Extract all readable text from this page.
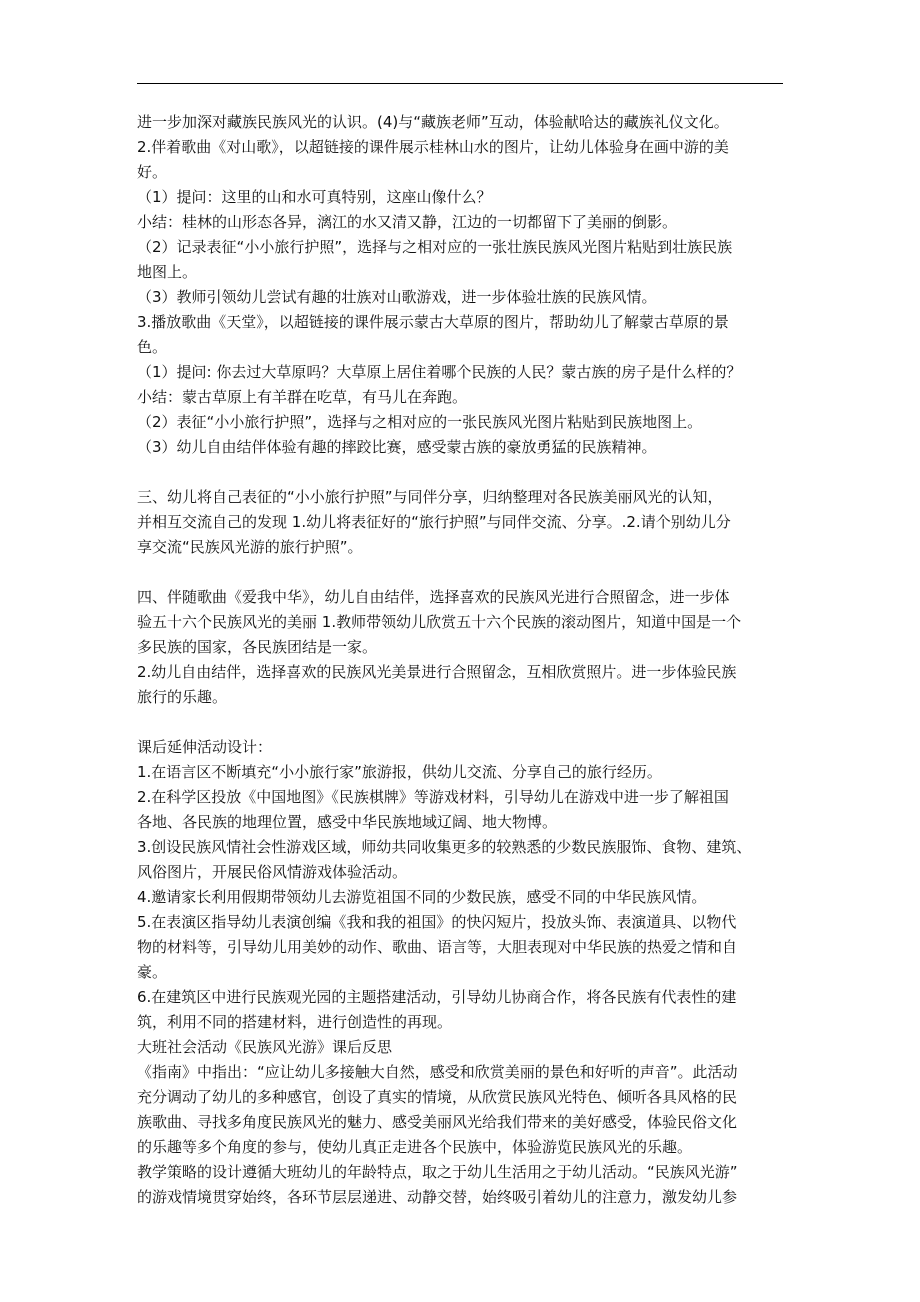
进一步加深对藏族民族风光的认识。(4)与“藏族老师”互动，体验献哈达的藏族礼仪文化。
2.伴着歌曲《对山歌》，以超链接的课件展示桂林山水的图片，让幼儿体验身在画中游的美
好。
（1）提问：这里的山和水可真特别，这座山像什么？
小结：桂林的山形态各异，漓江的水又清又静，江边的一切都留下了美丽的倒影。
（2）记录表征“小小旅行护照”，选择与之相对应的一张壮族民族风光图片粘贴到壮族民族
地图上。
（3）教师引领幼儿尝试有趣的壮族对山歌游戏，进一步体验壮族的民族风情。
3.播放歌曲《天堂》，以超链接的课件展示蒙古大草原的图片，帮助幼儿了解蒙古草原的景
色。
（1）提问: 你去过大草原吗？大草原上居住着哪个民族的人民？蒙古族的房子是什么样的？
小结：蒙古草原上有羊群在吃草，有马儿在奔跑。
（2）表征“小小旅行护照”，选择与之相对应的一张民族风光图片粘贴到民族地图上。
（3）幼儿自由结伴体验有趣的摔跤比赛，感受蒙古族的豪放勇猛的民族精神。
三、幼儿将自己表征的“小小旅行护照”与同伴分享，归纳整理对各民族美丽风光的认知，
并相互交流自己的发现 1.幼儿将表征好的“旅行护照”与同伴交流、分享。.2.请个别幼儿分
享交流“民族风光游的旅行护照”。
四、伴随歌曲《爱我中华》，幼儿自由结伴，选择喜欢的民族风光进行合照留念，进一步体
验五十六个民族风光的美丽 1.教师带领幼儿欣赏五十六个民族的滚动图片，知道中国是一个
多民族的国家，各民族团结是一家。
2.幼儿自由结伴，选择喜欢的民族风光美景进行合照留念，互相欣赏照片。进一步体验民族
旅行的乐趣。
课后延伸活动设计：
1.在语言区不断填充“小小旅行家”旅游报，供幼儿交流、分享自己的旅行经历。
2.在科学区投放《中国地图》《民族棋牌》等游戏材料，引导幼儿在游戏中进一步了解祖国
各地、各民族的地理位置，感受中华民族地域辽阔、地大物博。
3.创设民族风情社会性游戏区域，师幼共同收集更多的较熟悉的少数民族服饰、食物、建筑、
风俗图片，开展民俗风情游戏体验活动。
4.邀请家长利用假期带领幼儿去游览祖国不同的少数民族，感受不同的中华民族风情。
5.在表演区指导幼儿表演创编《我和我的祖国》的快闪短片，投放头饰、表演道具、以物代
物的材料等，引导幼儿用美妙的动作、歌曲、语言等，大胆表现对中华民族的热爱之情和自
豪。
6.在建筑区中进行民族观光园的主题搭建活动，引导幼儿协商合作，将各民族有代表性的建
筑，利用不同的搭建材料，进行创造性的再现。
大班社会活动《民族风光游》课后反思
《指南》中指出：“应让幼儿多接触大自然，感受和欣赏美丽的景色和好听的声音”。此活动
充分调动了幼儿的多种感官，创设了真实的情境，从欣赏民族风光特色、倾听各具风格的民
族歌曲、寻找多角度民族风光的魅力、感受美丽风光给我们带来的美好感受，体验民俗文化
的乐趣等多个角度的参与，使幼儿真正走进各个民族中，体验游览民族风光的乐趣。
教学策略的设计遵循大班幼儿的年龄特点，取之于幼儿生活用之于幼儿活动。“民族风光游”
的游戏情境贯穿始终，各环节层层递进、动静交替，始终吸引着幼儿的注意力，激发幼儿参
